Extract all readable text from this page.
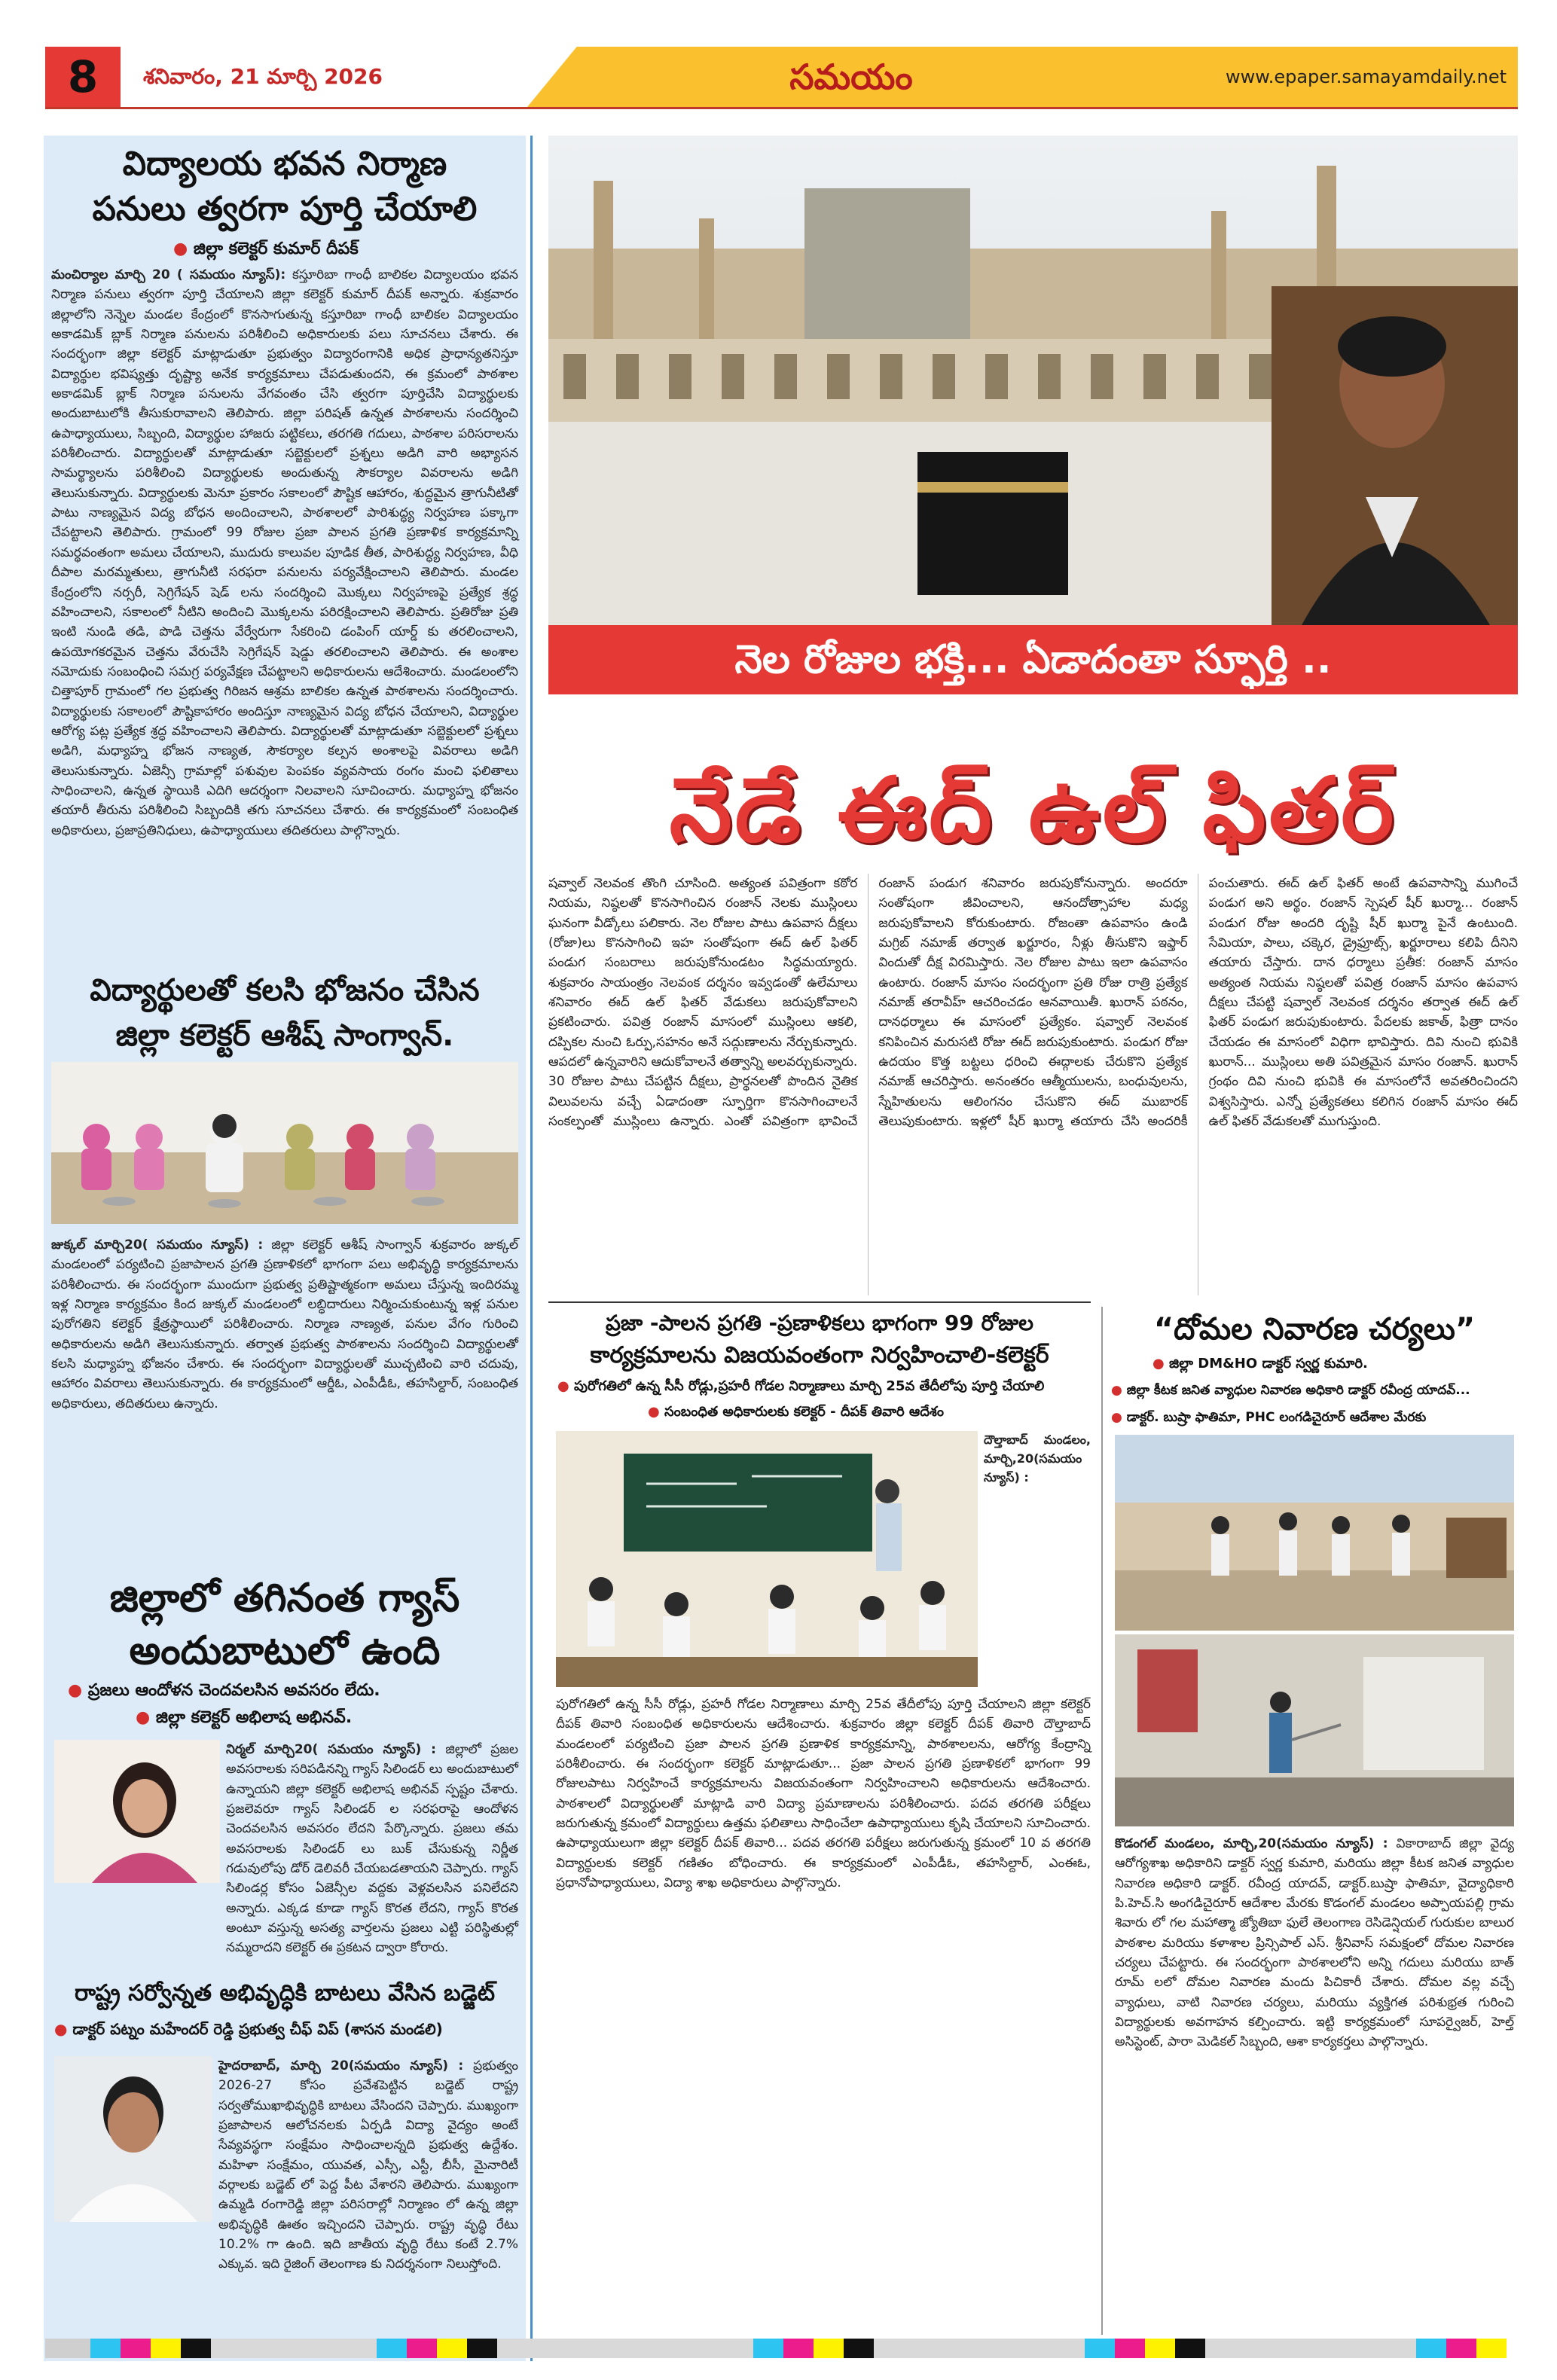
8	శనివారం, 21 మార్చి 2026	సమయం	www.epaper.samayamdaily.net
విద్యాలయ భవన నిర్మాణ
పనులు త్వరగా పూర్తి చేయాలి
● జిల్లా కలెక్టర్ కుమార్ దీపక్
మంచిర్యాల మార్చి 20 ( సమయం న్యూస్): కస్తూరిబా గాంధీ బాలికల విద్యాలయం భవన నిర్మాణ పనులు త్వరగా పూర్తి చేయాలని జిల్లా కలెక్టర్ కుమార్ దీపక్ అన్నారు. శుక్రవారం జిల్లాలోని నెన్నెల మండల కేంద్రంలో కొనసాగుతున్న కస్తూరిబా గాంధీ బాలికల విద్యాలయం అకాడమిక్ బ్లాక్ నిర్మాణ పనులను పరిశీలించి అధికారులకు పలు సూచనలు చేశారు. ఈ సందర్భంగా జిల్లా కలెక్టర్ మాట్లాడుతూ ప్రభుత్వం విద్యారంగానికి అధిక ప్రాధాన్యతనిస్తూ విద్యార్థుల భవిష్యత్తు దృష్ట్యా అనేక కార్యక్రమాలు చేపడుతుందని, ఈ క్రమంలో పాఠశాల అకాడమిక్ బ్లాక్ నిర్మాణ పనులను వేగవంతం చేసి త్వరగా పూర్తిచేసి విద్యార్థులకు అందుబాటులోకి తీసుకురావాలని తెలిపారు. జిల్లా పరిషత్ ఉన్నత పాఠశాలను సందర్శించి ఉపాధ్యాయులు, సిబ్బంది, విద్యార్థుల హాజరు పట్టికలు, తరగతి గదులు, పాఠశాల పరిసరాలను పరిశీలించారు. విద్యార్థులతో మాట్లాడుతూ సబ్జెక్టులలో ప్రశ్నలు అడిగి వారి అభ్యాసన సామర్థ్యాలను పరిశీలించి విద్యార్థులకు అందుతున్న సౌకర్యాల వివరాలను అడిగి తెలుసుకున్నారు. విద్యార్థులకు మెనూ ప్రకారం సకాలంలో పౌష్టిక ఆహారం, శుద్ధమైన త్రాగునీటితో పాటు నాణ్యమైన విద్య బోధన అందించాలని, పాఠశాలలో పారిశుద్ధ్య నిర్వహణ పక్కాగా చేపట్టాలని తెలిపారు. గ్రామంలో 99 రోజుల ప్రజా పాలన ప్రగతి ప్రణాళిక కార్యక్రమాన్ని సమర్థవంతంగా అమలు చేయాలని, ముదురు కాలువల పూడిక తీత, పారిశుద్ధ్య నిర్వహణ, వీధి దీపాల మరమ్మతులు, త్రాగునీటి సరఫరా పనులను పర్యవేక్షించాలని తెలిపారు. మండల కేంద్రంలోని నర్సరీ, సెగ్రిగేషన్ షెడ్ లను సందర్శించి మొక్కలు నిర్వహణపై ప్రత్యేక శ్రద్ధ వహించాలని, సకాలంలో నీటిని అందించి మొక్కలను పరిరక్షించాలని తెలిపారు. ప్రతిరోజు ప్రతి ఇంటి నుండి తడి, పొడి చెత్తను వేర్వేరుగా సేకరించి డంపింగ్ యార్డ్ కు తరలించాలని, ఉపయోగకరమైన చెత్తను వేరుచేసి సెగ్రిగేషన్ షెడ్డు తరలించాలని తెలిపారు. ఈ అంశాల నమోదుకు సంబంధించి సమగ్ర పర్యవేక్షణ చేపట్టాలని అధికారులను ఆదేశించారు. మండలంలోని చిత్తాపూర్ గ్రామంలో గల ప్రభుత్వ గిరిజన ఆశ్రమ బాలికల ఉన్నత పాఠశాలను సందర్శించారు. విద్యార్థులకు సకాలంలో పౌష్టికాహారం అందిస్తూ నాణ్యమైన విద్య బోధన చేయాలని, విద్యార్థుల ఆరోగ్య పట్ల ప్రత్యేక శ్రద్ధ వహించాలని తెలిపారు. విద్యార్థులతో మాట్లాడుతూ సబ్జెక్టులలో ప్రశ్నలు అడిగి, మధ్యాహ్న భోజన నాణ్యత, సౌకర్యాల కల్పన అంశాలపై వివరాలు అడిగి తెలుసుకున్నారు. ఏజెన్సీ గ్రామాల్లో పశువుల పెంపకం వ్యవసాయ రంగం మంచి ఫలితాలు సాధించాలని, ఉన్నత స్థాయికి ఎదిగి ఆదర్శంగా నిలవాలని సూచించారు. మధ్యాహ్న భోజనం తయారీ తీరును పరిశీలించి సిబ్బందికి తగు సూచనలు చేశారు. ఈ కార్యక్రమంలో సంబంధిత అధికారులు, ప్రజాప్రతినిధులు, ఉపాధ్యాయులు తదితరులు పాల్గొన్నారు.
విద్యార్థులతో కలసి భోజనం చేసిన
జిల్లా కలెక్టర్ ఆశీష్ సాంగ్వాన్.
జుక్కల్ మార్చి20( సమయం న్యూస్) : జిల్లా కలెక్టర్ ఆశీష్ సాంగ్వాన్ శుక్రవారం జుక్కల్ మండలంలో పర్యటించి ప్రజాపాలన ప్రగతి ప్రణాళికలో భాగంగా పలు అభివృద్ధి కార్యక్రమాలను పరిశీలించారు. ఈ సందర్భంగా ముందుగా ప్రభుత్వ ప్రతిష్టాత్మకంగా అమలు చేస్తున్న ఇందిరమ్మ ఇళ్ల నిర్మాణ కార్యక్రమం కింద జుక్కల్ మండలంలో లబ్ధిదారులు నిర్మించుకుంటున్న ఇళ్ల పనుల పురోగతిని కలెక్టర్ క్షేత్రస్థాయిలో పరిశీలించారు. నిర్మాణ నాణ్యత, పనుల వేగం గురించి అధికారులను అడిగి తెలుసుకున్నారు. తర్వాత ప్రభుత్వ పాఠశాలను సందర్శించి విద్యార్థులతో కలసి మధ్యాహ్న భోజనం చేశారు. ఈ సందర్భంగా విద్యార్థులతో ముచ్చటించి వారి చదువు, ఆహారం వివరాలు తెలుసుకున్నారు. ఈ కార్యక్రమంలో ఆర్డీఓ, ఎంపీడీఓ, తహసిల్దార్, సంబంధిత అధికారులు, తదితరులు ఉన్నారు.
జిల్లాలో తగినంత గ్యాస్
అందుబాటులో ఉంది
● ప్రజలు ఆందోళన చెందవలసిన అవసరం లేదు.
● జిల్లా కలెక్టర్ అభిలాష అభినవ్.
నిర్మల్ మార్చి20( సమయం న్యూస్) : జిల్లాలో ప్రజల అవసరాలకు సరిపడినన్ని గ్యాస్ సిలిండర్ లు అందుబాటులో ఉన్నాయని జిల్లా కలెక్టర్ అభిలాష అభినవ్ స్పష్టం చేశారు. ప్రజలెవరూ గ్యాస్ సిలిండర్ ల సరఫరాపై ఆందోళన చెందవలసిన అవసరం లేదని పేర్కొన్నారు. ప్రజలు తమ అవసరాలకు సిలిండర్ లు బుక్ చేసుకున్న నిర్ణీత గడువులోపు డోర్ డెలివరీ చేయబడతాయని చెప్పారు. గ్యాస్ సిలిండర్ల కోసం ఏజెన్సీల వద్దకు వెళ్లవలసిన పనిలేదని అన్నారు. ఎక్కడ కూడా గ్యాస్ కొరత లేదని, గ్యాస్ కొరత అంటూ వస్తున్న అసత్య వార్తలను ప్రజలు ఎట్టి పరిస్థితుల్లో నమ్మరాదని కలెక్టర్ ఈ ప్రకటన ద్వారా కోరారు.
రాష్ట్ర సర్వోన్నత అభివృద్ధికి బాటలు వేసిన బడ్జెట్
● డాక్టర్ పట్నం మహేందర్ రెడ్డి ప్రభుత్వ చీఫ్ విప్ (శాసన మండలి)
హైదరాబాద్, మార్చి 20(సమయం న్యూస్) : ప్రభుత్వం 2026-27 కోసం ప్రవేశపెట్టిన బడ్జెట్ రాష్ట్ర సర్వతోముఖాభివృద్ధికి బాటలు వేసిందని చెప్పారు. ముఖ్యంగా ప్రజాపాలన ఆలోచనలకు ఏర్పడి విద్యా వైద్యం అంటే సేవ్యవస్థగా సంక్షేమం సాధించాలన్నది ప్రభుత్వ ఉద్దేశం. మహిళా సంక్షేమం, యువత, ఎస్సీ, ఎస్టీ, బీసీ, మైనారిటీ వర్గాలకు బడ్జెట్ లో పెద్ద పీట వేశారని తెలిపారు. ముఖ్యంగా ఉమ్మడి రంగారెడ్డి జిల్లా పరిసరాల్లో నిర్మాణం లో ఉన్న జిల్లా అభివృద్ధికి ఊతం ఇచ్చిందని చెప్పారు. రాష్ట్ర వృద్ధి రేటు 10.2% గా ఉంది. ఇది జాతీయ వృద్ధి రేటు కంటే 2.7% ఎక్కువ. ఇది రైజింగ్ తెలంగాణ కు నిదర్శనంగా నిలుస్తోంది.
నెల రోజుల భక్తి... ఏడాదంతా స్ఫూర్తి ..
నేడే ఈద్ ఉల్ ఫితర్
షవ్వాల్ నెలవంక తొంగి చూసింది. అత్యంత పవిత్రంగా కఠోర నియమ, నిష్ఠలతో కొనసాగించిన రంజాన్ నెలకు ముస్లింలు ఘనంగా వీడ్కోలు పలికారు. నెల రోజుల పాటు ఉపవాస దీక్షలు (రోజా)లు కొనసాగించి ఇహ సంతోషంగా ఈద్ ఉల్ ఫితర్ పండుగ సంబరాలు జరుపుకోనుండటం సిద్ధమయ్యారు. శుక్రవారం సాయంత్రం నెలవంక దర్శనం ఇవ్వడంతో ఉలేమాలు శనివారం ఈద్ ఉల్ ఫితర్ వేడుకలు జరుపుకోవాలని ప్రకటించారు. పవిత్ర రంజాన్ మాసంలో ముస్లింలు ఆకలి, దప్పికల నుంచి ఓర్పు,సహనం అనే సద్గుణాలను నేర్చుకున్నారు. ఆపదలో ఉన్నవారిని ఆదుకోవాలనే తత్వాన్ని అలవర్చుకున్నారు. 30 రోజుల పాటు చేపట్టిన దీక్షలు, ప్రార్థనలతో పొందిన నైతిక విలువలను వచ్చే ఏడాదంతా స్ఫూర్తిగా కొనసాగించాలనే సంకల్పంతో ముస్లింలు ఉన్నారు. ఎంతో పవిత్రంగా భావించే రంజాన్ పండుగ శనివారం జరుపుకోనున్నారు. అందరూ సంతోషంగా జీవించాలని, ఆనందోత్సాహాల మధ్య జరుపుకోవాలని కోరుకుంటారు. రోజంతా ఉపవాసం ఉండి మగ్రిబ్ నమాజ్ తర్వాత ఖర్జూరం, నీళ్లు తీసుకొని ఇఫ్తార్ విందుతో దీక్ష విరమిస్తారు. నెల రోజుల పాటు ఇలా ఉపవాసం ఉంటారు. రంజాన్ మాసం సందర్భంగా ప్రతి రోజు రాత్రి ప్రత్యేక నమాజ్ తరావీహ్ ఆచరించడం ఆనవాయితీ. ఖురాన్ పఠనం, దానధర్మాలు ఈ మాసంలో ప్రత్యేకం. షవ్వాల్ నెలవంక కనిపించిన మరుసటి రోజు ఈద్ జరుపుకుంటారు. పండుగ రోజు ఉదయం కొత్త బట్టలు ధరించి ఈద్గాలకు చేరుకొని ప్రత్యేక నమాజ్ ఆచరిస్తారు. అనంతరం ఆత్మీయులను, బంధువులను, స్నేహితులను ఆలింగనం చేసుకొని ఈద్ ముబారక్ తెలుపుకుంటారు. ఇళ్లలో షీర్ ఖుర్మా తయారు చేసి అందరికీ పంచుతారు. ఈద్ ఉల్ ఫితర్ అంటే ఉపవాసాన్ని ముగించే పండుగ అని అర్థం. రంజాన్ స్పెషల్ షీర్ ఖుర్మా... రంజాన్ పండుగ రోజు అందరి దృష్టి షీర్ ఖుర్మా పైనే ఉంటుంది. సేమియా, పాలు, చక్కెర, డ్రైఫ్రూట్స్, ఖర్జూరాలు కలిపి దీనిని తయారు చేస్తారు. దాన ధర్మాలు ప్రతీక: రంజాన్ మాసం అత్యంత నియమ నిష్ఠలతో పవిత్ర రంజాన్ మాసం ఉపవాస దీక్షలు చేపట్టి షవ్వాల్ నెలవంక దర్శనం తర్వాత ఈద్ ఉల్ ఫితర్ పండుగ జరుపుకుంటారు. పేదలకు జకాత్, ఫిత్రా దానం చేయడం ఈ మాసంలో విధిగా భావిస్తారు. దివి నుంచి భువికి ఖురాన్... ముస్లింలు అతి పవిత్రమైన మాసం రంజాన్. ఖురాన్ గ్రంథం దివి నుంచి భువికి ఈ మాసంలోనే అవతరించిందని విశ్వసిస్తారు. ఎన్నో ప్రత్యేకతలు కలిగిన రంజాన్ మాసం ఈద్ ఉల్ ఫితర్ వేడుకలతో ముగుస్తుంది.
ప్రజా -పాలన ప్రగతి -ప్రణాళికలు భాగంగా 99 రోజుల
కార్యక్రమాలను విజయవంతంగా నిర్వహించాలి-కలెక్టర్
● పురోగతిలో ఉన్న సీసీ రోడ్లు,ప్రహరీ గోడల నిర్మాణాలు మార్చి 25వ తేదీలోపు పూర్తి చేయాలి
● సంబంధిత అధికారులకు కలెక్టర్ - దీపక్ తివారి ఆదేశం
దౌల్తాబాద్ మండలం, మార్చి,20(సమయం న్యూస్) :
పురోగతిలో ఉన్న సీసీ రోడ్లు, ప్రహరీ గోడల నిర్మాణాలు మార్చి 25వ తేదీలోపు పూర్తి చేయాలని జిల్లా కలెక్టర్ దీపక్ తివారి సంబంధిత అధికారులను ఆదేశించారు. శుక్రవారం జిల్లా కలెక్టర్ దీపక్ తివారి దౌల్తాబాద్ మండలంలో పర్యటించి ప్రజా పాలన ప్రగతి ప్రణాళిక కార్యక్రమాన్ని, పాఠశాలలను, ఆరోగ్య కేంద్రాన్ని పరిశీలించారు. ఈ సందర్భంగా కలెక్టర్ మాట్లాడుతూ... ప్రజా పాలన ప్రగతి ప్రణాళికలో భాగంగా 99 రోజులపాటు నిర్వహించే కార్యక్రమాలను విజయవంతంగా నిర్వహించాలని అధికారులను ఆదేశించారు. పాఠశాలలో విద్యార్థులతో మాట్లాడి వారి విద్యా ప్రమాణాలను పరిశీలించారు. పదవ తరగతి పరీక్షలు జరుగుతున్న క్రమంలో విద్యార్థులు ఉత్తమ ఫలితాలు సాధించేలా ఉపాధ్యాయులు కృషి చేయాలని సూచించారు. ఉపాధ్యాయులుగా జిల్లా కలెక్టర్ దీపక్ తివారి... పదవ తరగతి పరీక్షలు జరుగుతున్న క్రమంలో 10 వ తరగతి విద్యార్థులకు కలెక్టర్ గణితం బోధించారు. ఈ కార్యక్రమంలో ఎంపీడీఓ, తహసిల్దార్, ఎంఈఓ, ప్రధానోపాధ్యాయులు, విద్యా శాఖ అధికారులు పాల్గొన్నారు.
“దోమల నివారణ చర్యలు”
● జిల్లా DM&HO డాక్టర్ స్వర్ణ కుమారి.
● జిల్లా కీటక జనిత వ్యాధుల నివారణ అధికారి డాక్టర్ రవీంద్ర యాదవ్...
● డాక్టర్. బుష్రా ఫాతిమా, PHC లంగడిచైరూర్ ఆదేశాల మేరకు
కొడంగల్ మండలం, మార్చి,20(సమయం న్యూస్) : వికారాబాద్ జిల్లా వైద్య ఆరోగ్యశాఖ అధికారిని డాక్టర్ స్వర్ణ కుమారి, మరియు జిల్లా కీటక జనిత వ్యాధుల నివారణ అధికారి డాక్టర్. రవీంద్ర యాదవ్, డాక్టర్.బుష్రా ఫాతిమా, వైద్యాధికారి పి.హెచ్.సి అంగడిచైరూర్ ఆదేశాల మేరకు కొడంగల్ మండలం అప్పాయపల్లి గ్రామ శివారు లో గల మహాత్మా జ్యోతిబా ఫులే తెలంగాణ రెసిడెన్షియల్ గురుకుల బాలుర పాఠశాల మరియు కళాశాల ప్రిన్సిపాల్ ఎస్. శ్రీనివాస్ సమక్షంలో దోమల నివారణ చర్యలు చేపట్టారు. ఈ సందర్భంగా పాఠశాలలోని అన్ని గదులు మరియు బాత్ రూమ్ లలో దోమల నివారణ మందు పిచికారీ చేశారు. దోమల వల్ల వచ్చే వ్యాధులు, వాటి నివారణ చర్యలు, మరియు వ్యక్తిగత పరిశుభ్రత గురించి విద్యార్థులకు అవగాహన కల్పించారు. ఇట్టి కార్యక్రమంలో సూపర్వైజర్, హెల్త్ అసిస్టెంట్, పారా మెడికల్ సిబ్బంది, ఆశా కార్యకర్తలు పాల్గొన్నారు.
